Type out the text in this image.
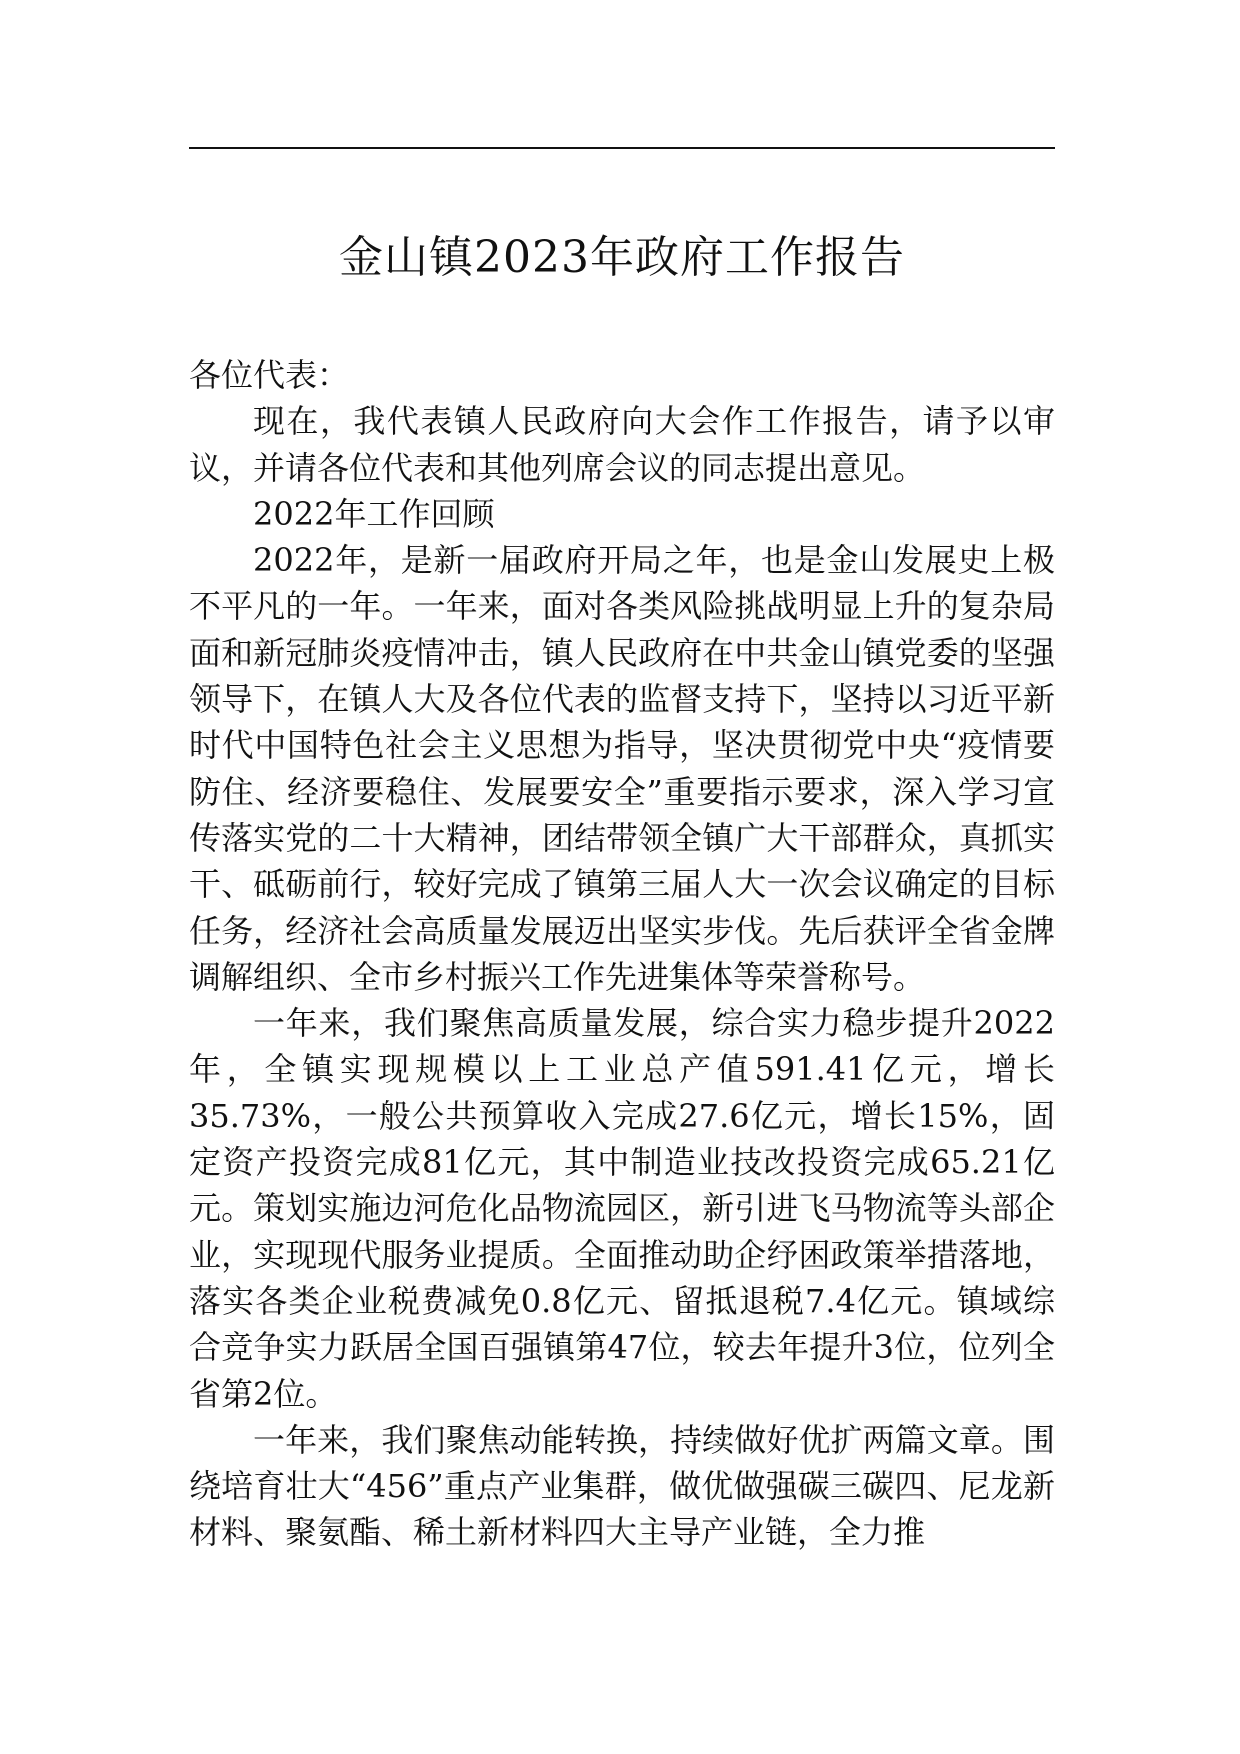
金山镇2023年政府工作报告

各位代表：

现在，我代表镇人民政府向大会作工作报告，请予以审议，并请各位代表和其他列席会议的同志提出意见。

2022年工作回顾

2022年，是新一届政府开局之年，也是金山发展史上极不平凡的一年。一年来，面对各类风险挑战明显上升的复杂局面和新冠肺炎疫情冲击，镇人民政府在中共金山镇党委的坚强领导下，在镇人大及各位代表的监督支持下，坚持以习近平新时代中国特色社会主义思想为指导，坚决贯彻党中央“疫情要防住、经济要稳住、发展要安全”重要指示要求，深入学习宣传落实党的二十大精神，团结带领全镇广大干部群众，真抓实干、砥砺前行，较好完成了镇第三届人大一次会议确定的目标任务，经济社会高质量发展迈出坚实步伐。先后获评全省金牌调解组织、全市乡村振兴工作先进集体等荣誉称号。

一年来，我们聚焦高质量发展，综合实力稳步提升2022年，全镇实现规模以上工业总产值591.41亿元，增长35.73%，一般公共预算收入完成27.6亿元，增长15%，固定资产投资完成81亿元，其中制造业技改投资完成65.21亿元。策划实施边河危化品物流园区，新引进飞马物流等头部企业，实现现代服务业提质。全面推动助企纾困政策举措落地，落实各类企业税费减免0.8亿元、留抵退税7.4亿元。镇域综合竞争实力跃居全国百强镇第47位，较去年提升3位，位列全省第2位。

一年来，我们聚焦动能转换，持续做好优扩两篇文章。围绕培育壮大“456”重点产业集群，做优做强碳三碳四、尼龙新材料、聚氨酯、稀土新材料四大主导产业链，全力推
